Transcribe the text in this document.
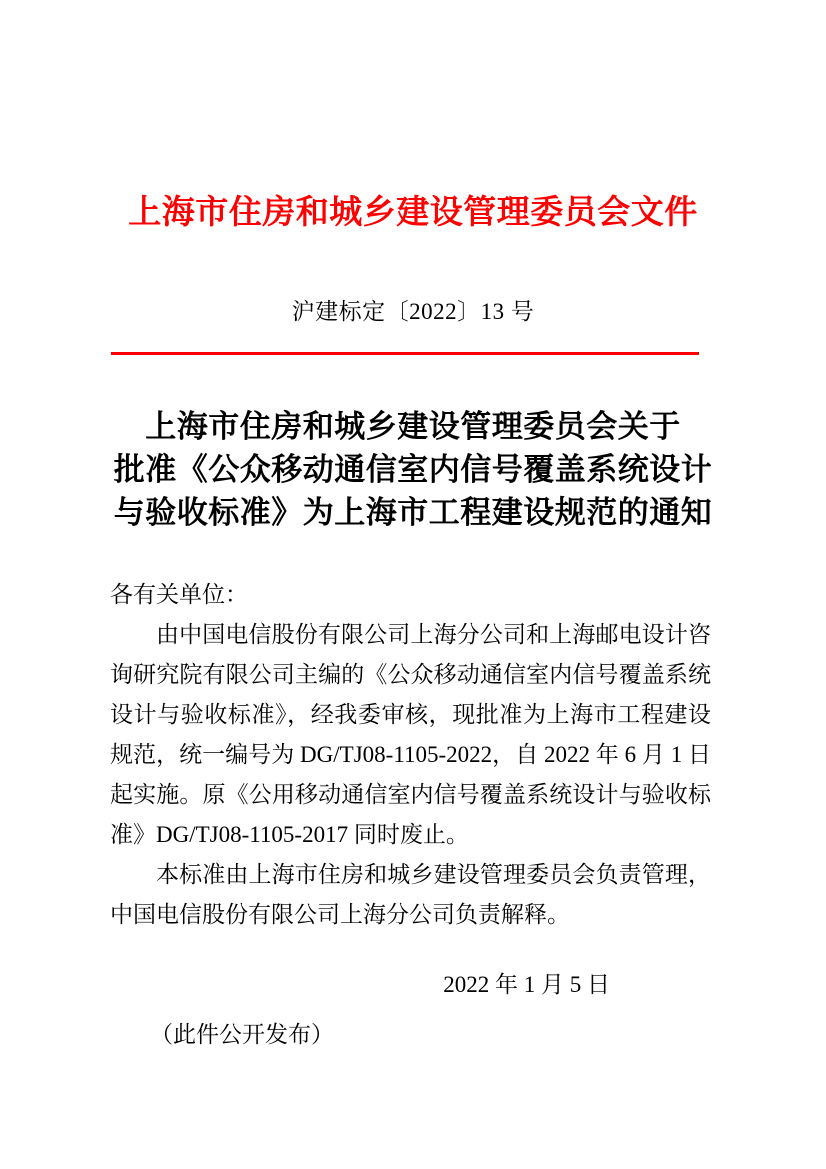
上海市住房和城乡建设管理委员会文件
沪建标定〔2022〕13 号
上海市住房和城乡建设管理委员会关于
批准《公众移动通信室内信号覆盖系统设计
与验收标准》为上海市工程建设规范的通知
各有关单位：

由中国电信股份有限公司上海分公司和上海邮电设计咨询研究院有限公司主编的《公众移动通信室内信号覆盖系统设计与验收标准》，经我委审核，现批准为上海市工程建设规范，统一编号为 DG/TJ08-1105-2022，自 2022 年 6 月 1 日起实施。原《公用移动通信室内信号覆盖系统设计与验收标准》DG/TJ08-1105-2017 同时废止。

本标准由上海市住房和城乡建设管理委员会负责管理，中国电信股份有限公司上海分公司负责解释。

2022 年 1 月 5 日
（此件公开发布）
